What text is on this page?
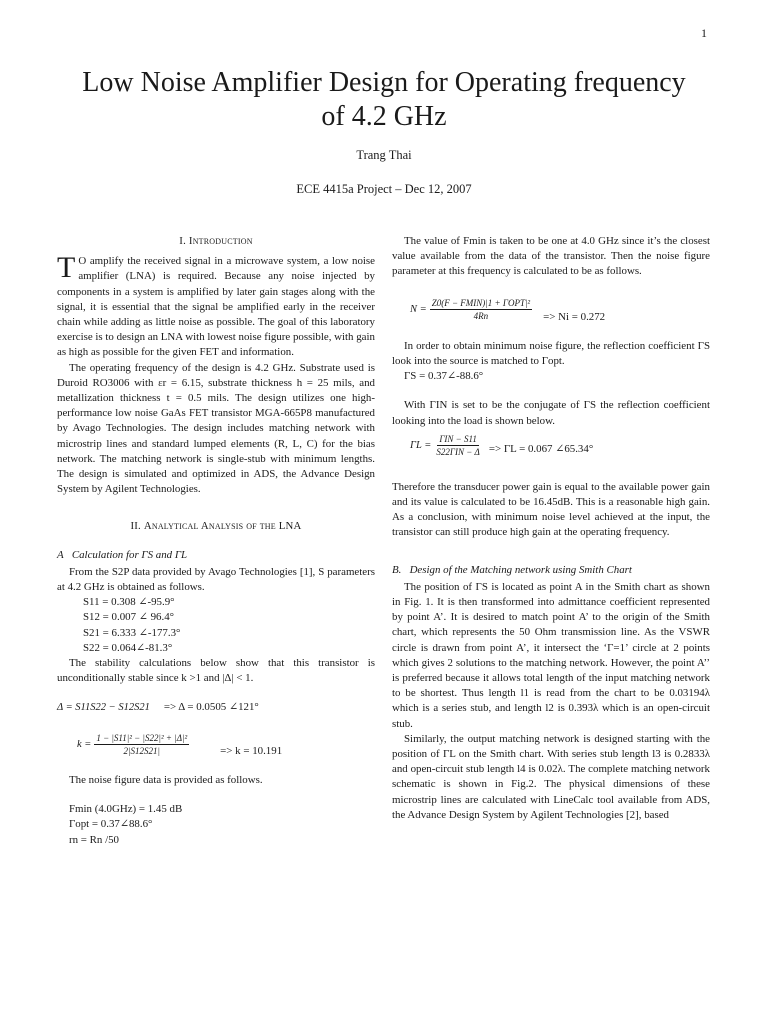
1
Low Noise Amplifier Design for Operating frequency of 4.2 GHz
Trang Thai
ECE 4415a Project – Dec 12, 2007
I. Introduction

T O amplify the received signal in a microwave system, a low noise amplifier (LNA) is required. Because any noise injected by components in a system is amplified by later gain stages along with the signal, it is essential that the signal be amplified early in the receiver chain while adding as little noise as possible. The goal of this laboratory exercise is to design an LNA with lowest noise figure possible, with gain as high as possible for the given FET and information.

The operating frequency of the design is 4.2 GHz. Substrate used is Duroid RO3006 with εr = 6.15, substrate thickness h = 25 mils, and metallization thickness t = 0.5 mils. The design utilizes one high-performance low noise GaAs FET transistor MGA-665P8 manufactured by Avago Technologies. The design includes matching network with microstrip lines and standard lumped elements (R, L, C) for the bias network. The matching network is single-stub with minimum lengths. The design is simulated and optimized in ADS, the Advance Design System by Agilent Technologies.

II. Analytical Analysis of the LNA
A Calculation for ΓS and ΓL

From the S2P data provided by Avago Technologies [1], S parameters at 4.2 GHz is obtained as follows.

S11 = 0.308 ∠-95.9°
S12 = 0.007 ∠ 96.4°
S21 = 6.333 ∠-177.3°
S22 = 0.064∠-81.3°

The stability calculations below show that this transistor is unconditionally stable since k >1 and |Δ| < 1.

Δ = S11S22 − S12S21 => Δ = 0.0505 ∠121°
$k = \frac{\text{1 − |S11|² − |S22|² + |Δ|²}}{2|S12S21|}$	=> k = 10.191

The noise figure data is provided as follows.

Fmin (4.0GHz) = 1.45 dB
Γopt = 0.37∠88.6°
rn = Rn /50

The value of Fmin is taken to be one at 4.0 GHz since it’s the closest value available from the data of the transistor. Then the noise figure parameter at this frequency is calculated to be as follows.

$N = \frac{\text{Z0(F − FMIN)|1 + ΓOPT|²}}{4Rn} => Ni = 0.272$

In order to obtain minimum noise figure, the reflection coefficient ΓS look into the source is matched to Γopt.

ΓS = 0.37∠-88.6°

With ΓIN is set to be the conjugate of ΓS the reflection coefficient looking into the load is shown below.

$\Gamma L = \frac{\text{ΓIN − S11}}{\text{S22ΓIN − Δ}} => \Gamma L = 0.067$ ∠65.34°

Therefore the transducer power gain is equal to the available power gain and its value is calculated to be 16.45dB. This is a reasonable high gain. As a conclusion, with minimum noise level achieved at the input, the transistor can still produce high gain at the operating frequency.

B. Design of the Matching network using Smith Chart

The position of ΓS is located as point A in the Smith chart as shown in Fig. 1. It is then transformed into admittance coefficient represented by point A’. It is desired to match point A’ to the origin of the Smith chart, which represents the 50 Ohm transmission line. As the VSWR circle is drawn from point A’, it intersect the ‘Γ=1’ circle at 2 points which gives 2 solutions to the matching network. However, the point A’’ is preferred because it allows total length of the input matching network to be shortest. Thus length l1 is read from the chart to be 0.03194λ which is a series stub, and length l2 is 0.393λ which is an open-circuit stub.

Similarly, the output matching network is designed starting with the position of ΓL on the Smith chart. With series stub length l3 is 0.2833λ and open-circuit stub length l4 is 0.02λ. The complete matching network schematic is shown in Fig.2. The physical dimensions of these microstrip lines are calculated with LineCalc tool available from ADS, the Advance Design System by Agilent Technologies [2], based
